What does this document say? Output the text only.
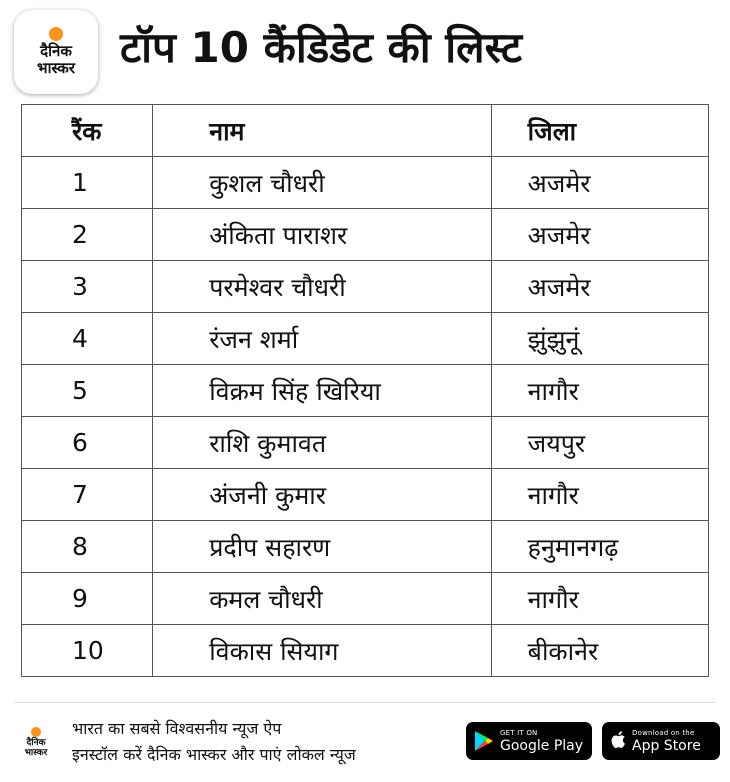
दैनिक
भास्कर टॉप 10 कैंडिडेट की लिस्ट
रैंक	नाम	जिला
1	कुशल चौधरी	अजमेर
2	अंकिता पाराशर	अजमेर
3	परमेश्वर चौधरी	अजमेर
4	रंजन शर्मा	झुंझुनूं
5	विक्रम सिंह खिरिया	नागौर
6	राशि कुमावत	जयपुर
7	अंजनी कुमार	नागौर
8	प्रदीप सहारण	हनुमानगढ़
9	कमल चौधरी	नागौर
10	विकास सियाग	बीकानेर
दैनिक
भास्कर
भारत का सबसे विश्वसनीय न्यूज ऐप
इनस्टॉल करें दैनिक भास्कर और पाएं लोकल न्यूज
GET IT ON
Google Play
Download on the
App Store
